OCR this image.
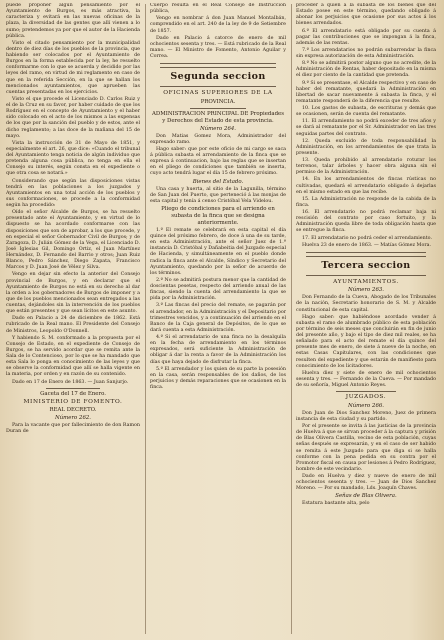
puede proponer algún pensamiento por el Ayuntamiento de Burgos, es más atractiva, la caracteriza y evitará en las nuevas oficinas de la plaza, la diversidad de las gentes que allí vienen a lo sumo; pretendemos ya por que el autor de la Hacienda pública.

Visto el citado pensamiento por la municipalidad dentro de diez días de los pueblos de la provincia, que habiendo ser colocados por el Ayuntamiento de Burgos en la forma establecida por la ley, he resuelto conformarme con lo que se acuerda y decidido por las leyes del ramo, en virtud de mi reglamento en caso de que en la referida Sección, en la que se hallan los mencionados ayuntamientos, que aprueben las cuentas presentadas en los ejercicios.

Visto el que procede el Licenciado D. Carlos Ruiz y el de la Cruz en su favor, por haber cuidado de que los Rodríguez en el concepto de Ayuntamiento y el haber sido colocado en el acto de los mismos a las expensas de los que por la sanción del pueblo y de estos, ante el dicho reglamento; a las doce de la mañana del 15 de mayo.

Vista la instrucción de 31 de Mayo de 1851, y especialmente el art. 26, que dice: «Cuando el tribunal del Ayuntamiento tenga noticia de algún individuo que pretenda alguna cosa pública, no tenga en ella el Consejo su interés, según consta en el expediente o que otra cosa se notará.»

Considerando que según las disposiciones vistas tendrá en las poblaciones a los juzgados y Ayuntamientos en una total acción de los pueblos y sus conformaciones, se procede a la conformidad según ha procedido:

Oído el señor Alcalde de Burgos, se ha resuelto presentado ante el Ayuntamiento, y en virtud de lo dispuesto se ha acordado conformarse con las disposiciones que son de aprobar, a los que procede, y en especial el señor Gobernador Civil de Burgos; y de Zaragoza, D. Julián Gómez de la Vega, el Licenciado D. José Iglesias Gil, Domingo Ortiz, el Juan Martínez Hernández, D. Fernando del Barrio y otros; Juan Ruiz Blanco, Pedro Sánchez, Diego Zapata, Francisco Marcos y D. Juan José de Vélez y Silva.

Vengo en dejar sin efecto la anterior del Consejo provincial de Burgos, y en declarar que el Ayuntamiento de Burgos no está en su derecho al dar la orden a los gobernadores de Burgos de imponer y a que de los pueblos mencionados sean entregados a las cuentas, dejándoles sin la intervención de los pueblos que están presentes y que sean lícitos en este asunto.

Dado en Palacio a 24 de diciembre de 1862. Está rubricado de la Real mano. El Presidente del Consejo de Ministros, Leopoldo O'Donnell.

Y habiendo S. M. conformado a la propuesta por el Consejo de Estado, en el expediente de Consejo de Burgos, se ha servido acordar que se remita ante la Sala de lo Contencioso, por lo que se ha mandado que esta Sala lo ponga en conocimiento de las leyes y que se observe la conformidad que allí se halla vigente en la materia, por orden y en razón de su contenido.

Dado en 17 de Enero de 1863. — Juan Sanjurjo.

Gaceta del 17 de Enero.
MINISTERIO DE FOMENTO.
REAL DECRETO.
Número 262.

Para la vacante que por fallecimiento de don Ramon Duran de

Cuerpo resulta en el Real Consejo de Instrucción pública,

Vengo en nombrar á don Juan Manuel Montalbán, comprendido en el art. 240 de la ley de 9 de Setiembre de 1857.

Dado en Palacio á catorce de enero de mil ochocientos sesenta y tres. — Está rubricado de la Real mano. — El Ministro de Fomento, Antonio Aguilar y Correa.

Segunda seccion
OFICINAS SUPERIORES DE LA
PROVINCIA.
ADMINISTRACION PRINCIPAL DE Propiedades y Derechos del Estado de esta provincia.
Número 264.

Don Matias Gomez Mora, Administrador del expresado ramo.

Hago saber: que por este oficio de mi cargo se saca á pública subasta el arrendamiento de la finca que se expresa á continuacion, bajo las reglas que se insertan en el pliego de condiciones que también se inserta, cuyo acto tendrá lugar el día 15 de febrero próximo.

Bienes del Estado.

Una casa y huerta, al sitio de la Lagunilla, término de San Juan del Puerto, que perteneció á las monjas de esta capital y tenía á censo Cristóbal Vela Videlou.

Pliego de condiciones para el arriendo en subasta de la finca que se designa anteriormente.

1.º El remate se celebrará en esta capital el día quince del próximo febrero, de doce á una de su tarde, en esta Administración, ante el señor Juez de 1.ª instancia D. Cristóbal y Dañabeitia del Juzgado especial de Hacienda, y simultáneamente en el pueblo donde radica la finca ante el Alcalde, Síndico y Secretario del Ayuntamiento, quedando por la señor de acuerdo de los términos.

2.º No se admitirá postura menor que la cantidad de doscientas pesetas, respecto del arriendo anual de las fincas, siendo la cuenta del arrendamiento la que se pida por la Administración.

3.º Las fincas del precio del remate, se pagarán por el arrendador, en la Administración y el Depositario por trimestres vencidos, y a continuación del arriendo en el Banco de la Caja general de Depósitos, de lo que se dará cuenta a esta Administración.

4.º Si el arrendatario de una finca no la desalquila en la fecha de arrendamiento en los términos expresados, será suficiente la Administración de obligar á dar la renta a favor de la Administración los días que haya dejado de disfrutar la finca.

5.º El arrendador y los quien de su parte la posesión en la casa, serán responsables de los daños, de los perjuicios y demás reparaciones que se ocasionen en la finca.

proceder á quien á la subasta de los bienes que del Estado posee en este término, quedando obligado á abonar los perjuicios que ocasione por sus actos á los bienes arrendados.

6.º El arrendatario está obligado por su cuenta á pagar las contribuciones que se impongan á la finca, además de las rentas.

7.º Los arrendatarios no podrán subarrendar la finca sin expresa autorización de esta Administración.

8.º No se admitirá postor alguno que no acredite, de la Administración de Rentas, haber depositado en la misma el diez por ciento de la cantidad que pretenda.

9.º Si se presentase, el Alcalde respectivo y en caso de haber del rematante, quedará la Administración en libertad de sacar nuevamente á subasta la finca, y el rematante responderá de la diferencia que resulte.

10. Los gastos de subasta, de escrituras y demás que se ocasionen, serán de cuenta del rematante.

11. El arrendamiento no podrá exceder de tres años y se dará al rematante por el Sr. Administrador en las tres seguidas partes del contrato.

12. Queda excluido de toda responsabilidad la Administración, en los arrendamientos de que trata la presente.

13. Queda prohibido al arrendatario roturar los terrenos, talar árboles y hacer obra alguna sin el permiso de la Administración.

14. En los arrendamientos de fincas rústicas no cultivadas, quedará el arrendatario obligado á dejarlas en el mismo estado en que las recibe.

15. La Administración no responde de la cabida de la finca.

16. El arrendatario no podrá reclamar baja ni rescisión del contrato por caso fortuito, y la Administración queda libre de toda obligación hasta que se entregue la finca.

17. El arrendatario no podrá ceder el arrendamiento.

Huelva 23 de enero de 1863. — Matías Gómez Mora.

Tercera seccion
AYUNTAMIENTOS.
Número 263.

Don Fernando de la Cueva, Abogado de los Tribunales de la nación, Secretario honorario de S. M. y Alcalde constitucional de esta capital.

Hago saber: que habiéndose acordado vender á subasta el ramo de alumbrado público de esta población por término de seis meses que concluirán en fin de junio del presente año, y bajo el tipo de diez mil reales, se ha señalado para el acto del remate el día quince del presente mes de enero, de siete á nueve de la noche, en estas Casas Capitulares, con las condiciones que resulten del expediente y que estarán de manifiesto para conocimiento de los licitadores.

Huelva diez y siete de enero de mil ochocientos sesenta y tres. — Fernando de la Cueva. — Por mandado de su señoría, Miguel Antonio Reyes.

JUZGADOS.
Número 266.

Don Juan de Dios Sanchez Moreno, Juez de primera instancia de esta ciudad y su partido.

Por el presente se invita á las justicias de la provincia de Huelva á que se sirvan proceder á la captura y prisión de Blas Olivera Castilla, vecino de esta población, cuyas señas después se expresarán, y en el caso de ser habido se remita á este Juzgado para que diga si se halla conforme con la pena pedida en su contra por el Promotor fiscal en causa por lesiones á Pedro Rodríguez, hombre de este vecindario.

Dado en Huelva y diez y nueve de enero de mil ochocientos sesenta y tres. — Juan de Dios Sanchez Moreno. — Por su mandado, Lds. Joaquín Chaves.

Señas de Blas Olivera.

Estatura bastante alta, pelo
